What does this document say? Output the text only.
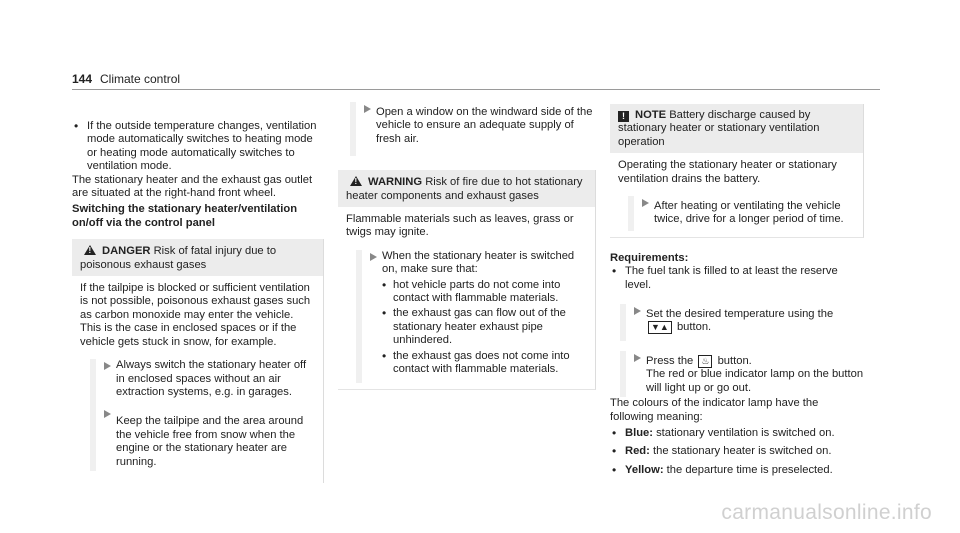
144 Climate control

• If the outside temperature changes, ventilation mode automatically switches to heating mode or heating mode automatically switches to ventilation mode.

The stationary heater and the exhaust gas outlet are situated at the right-hand front wheel.

Switching the stationary heater/ventilation on/off via the control panel

!DANGER Risk of fatal injury due to poisonous exhaust gases

If the tailpipe is blocked or sufficient ventilation is not possible, poisonous exhaust gases such as carbon monoxide may enter the vehicle. This is the case in enclosed spaces or if the vehicle gets stuck in snow, for example.

Always switch the stationary heater off in enclosed spaces without an air extraction systems, e.g. in garages.

Keep the tailpipe and the area around the vehicle free from snow when the engine or the stationary heater are running.

Open a window on the windward side of the vehicle to ensure an adequate supply of fresh air.

!WARNING Risk of fire due to hot stationary heater components and exhaust gases

Flammable materials such as leaves, grass or twigs may ignite.

When the stationary heater is switched on, make sure that:

• hot vehicle parts do not come into contact with flammable materials.

• the exhaust gas can flow out of the stationary heater exhaust pipe unhindered.

• the exhaust gas does not come into contact with flammable materials.

! NOTE Battery discharge caused by stationary heater or stationary ventilation operation

Operating the stationary heater or stationary ventilation drains the battery.

After heating or ventilating the vehicle twice, drive for a longer period of time.

Requirements:

• The fuel tank is filled to at least the reserve level.

Set the desired temperature using the ▼▲ button.
Press the ♨ button.

The red or blue indicator lamp on the button will light up or go out.

The colours of the indicator lamp have the following meaning:

• Blue: stationary ventilation is switched on.

• Red: the stationary heater is switched on.

• Yellow: the departure time is preselected.

carmanualsonline.info
